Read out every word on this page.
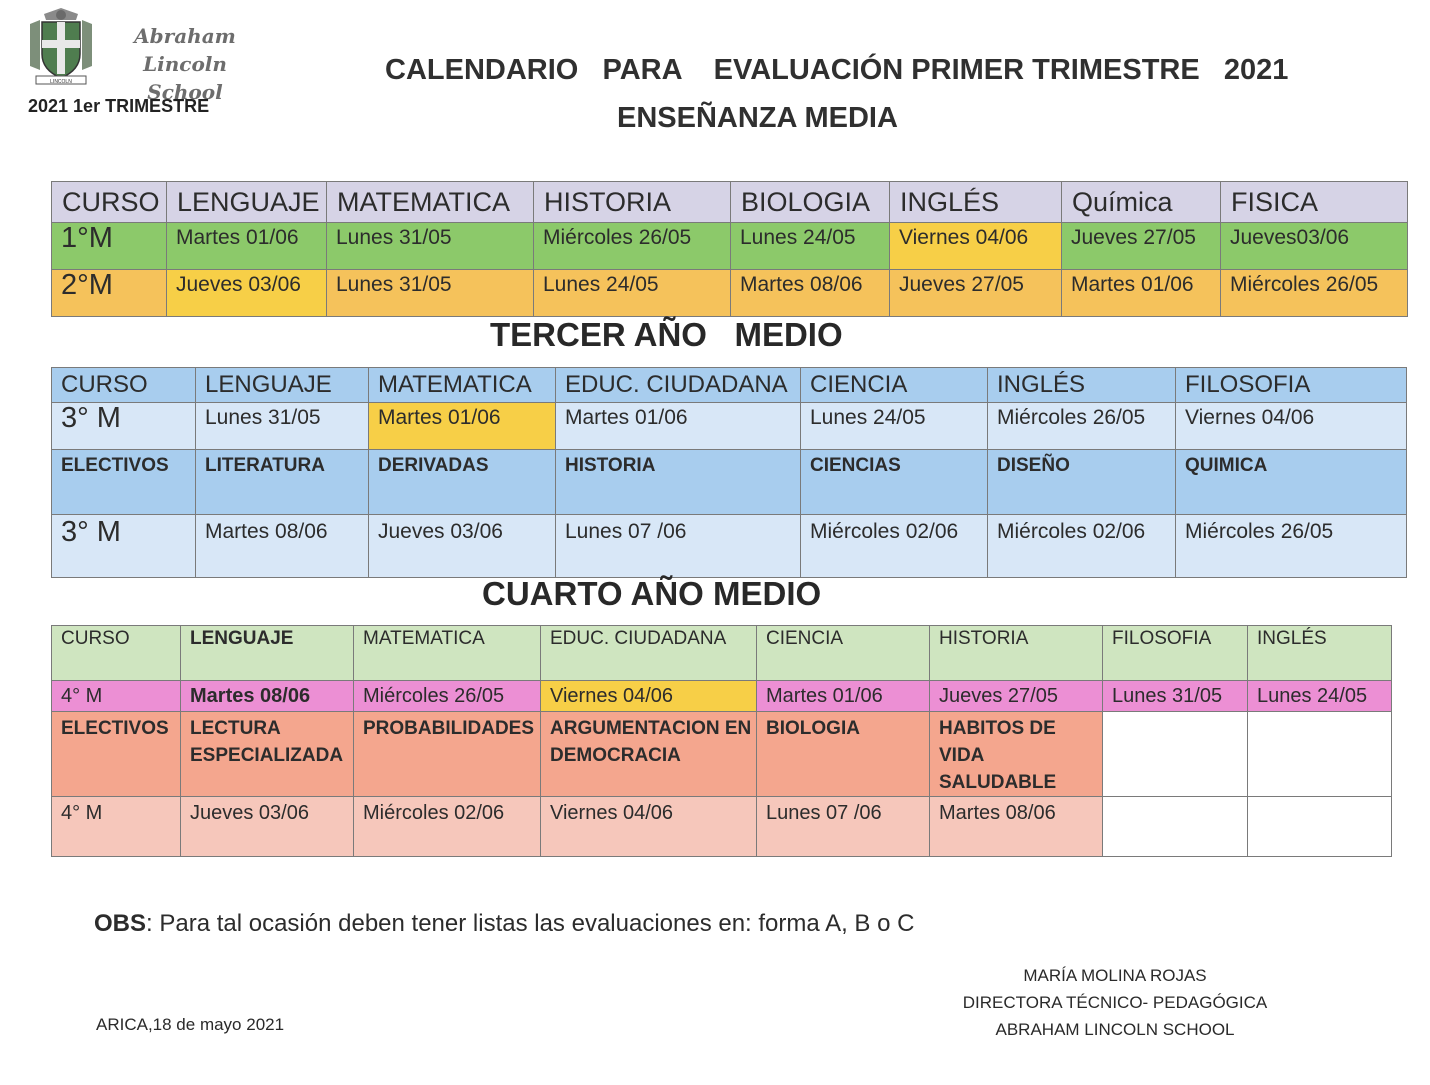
LINCOLN
Abraham Lincoln
School
2021 1er TRIMESTRE
CALENDARIO   PARA    EVALUACIÓN PRIMER TRIMESTRE   2021
ENSEÑANZA MEDIA
CURSO	LENGUAJE	MATEMATICA	HISTORIA	BIOLOGIA	INGLÉS	Química	FISICA
1°M	Martes 01/06	Lunes 31/05	Miércoles 26/05	Lunes 24/05	Viernes 04/06	Jueves 27/05	Jueves03/06
2°M	Jueves 03/06	Lunes 31/05	Lunes 24/05	Martes 08/06	Jueves 27/05	Martes 01/06	Miércoles 26/05
TERCER AÑO   MEDIO
CURSO	LENGUAJE	MATEMATICA	EDUC. CIUDADANA	CIENCIA	INGLÉS	FILOSOFIA
3° M	Lunes 31/05	Martes 01/06	Martes 01/06	Lunes 24/05	Miércoles 26/05	Viernes 04/06
ELECTIVOS	LITERATURA	DERIVADAS	HISTORIA	CIENCIAS	DISEÑO	QUIMICA
3° M	Martes 08/06	Jueves 03/06	Lunes 07 /06	Miércoles 02/06	Miércoles 02/06	Miércoles 26/05
CUARTO AÑO MEDIO
CURSO	LENGUAJE	MATEMATICA	EDUC. CIUDADANA	CIENCIA	HISTORIA	FILOSOFIA	INGLÉS
4° M	Martes 08/06	Miércoles 26/05	Viernes 04/06	Martes 01/06	Jueves 27/05	Lunes 31/05	Lunes 24/05
ELECTIVOS	LECTURA ESPECIALIZADA	PROBABILIDADES	ARGUMENTACION EN DEMOCRACIA	BIOLOGIA	HABITOS DE VIDA SALUDABLE		
4° M	Jueves 03/06	Miércoles 02/06	Viernes 04/06	Lunes 07 /06	Martes 08/06		
OBS: Para tal ocasión deben tener listas las evaluaciones en: forma A, B o C
MARÍA MOLINA ROJAS
DIRECTORA TÉCNICO- PEDAGÓGICA
ABRAHAM LINCOLN SCHOOL
ARICA,18 de mayo 2021
